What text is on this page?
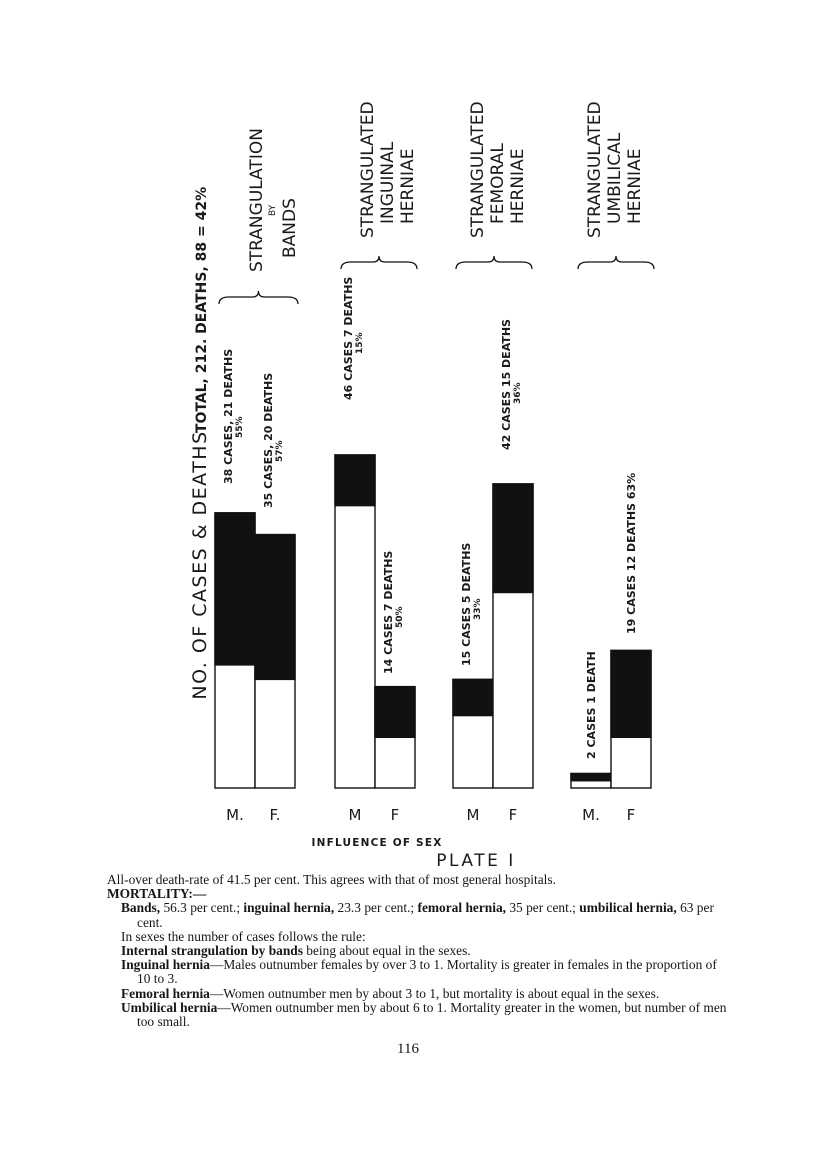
NO. OF CASES & DEATHS
TOTAL, 212. DEATHS, 88 = 42%
M.
38 CASES, 21 DEATHS55%
F.
35 CASES, 20 DEATHS57%
STRANGULATIONBY BANDS
M
46 CASES 7 DEATHS15%
F
14 CASES 7 DEATHS50%
STRANGULATEDINGUINALHERNIAE
M
15 CASES 5 DEATHS33%
F
42 CASES 15 DEATHS36%
STRANGULATEDFEMORALHERNIAE
M.
2 CASES 1 DEATH
F
19 CASES 12 DEATHS 63%
STRANGULATEDUMBILICALHERNIAE
INFLUENCE OF SEX
PLATE I

All-over death-rate of 41.5 per cent. This agrees with that of most general hospitals.

MORTALITY:—

Bands, 56.3 per cent.; inguinal hernia, 23.3 per cent.; femoral hernia, 35 per cent.; umbilical hernia, 63 per cent.

In sexes the number of cases follows the rule:

Internal strangulation by bands being about equal in the sexes.

Inguinal hernia—Males outnumber females by over 3 to 1. Mortality is greater in females in the proportion of 10 to 3.

Femoral hernia—Women outnumber men by about 3 to 1, but mortality is about equal in the sexes.

Umbilical hernia—Women outnumber men by about 6 to 1. Mortality greater in the women, but number of men too small.

116
